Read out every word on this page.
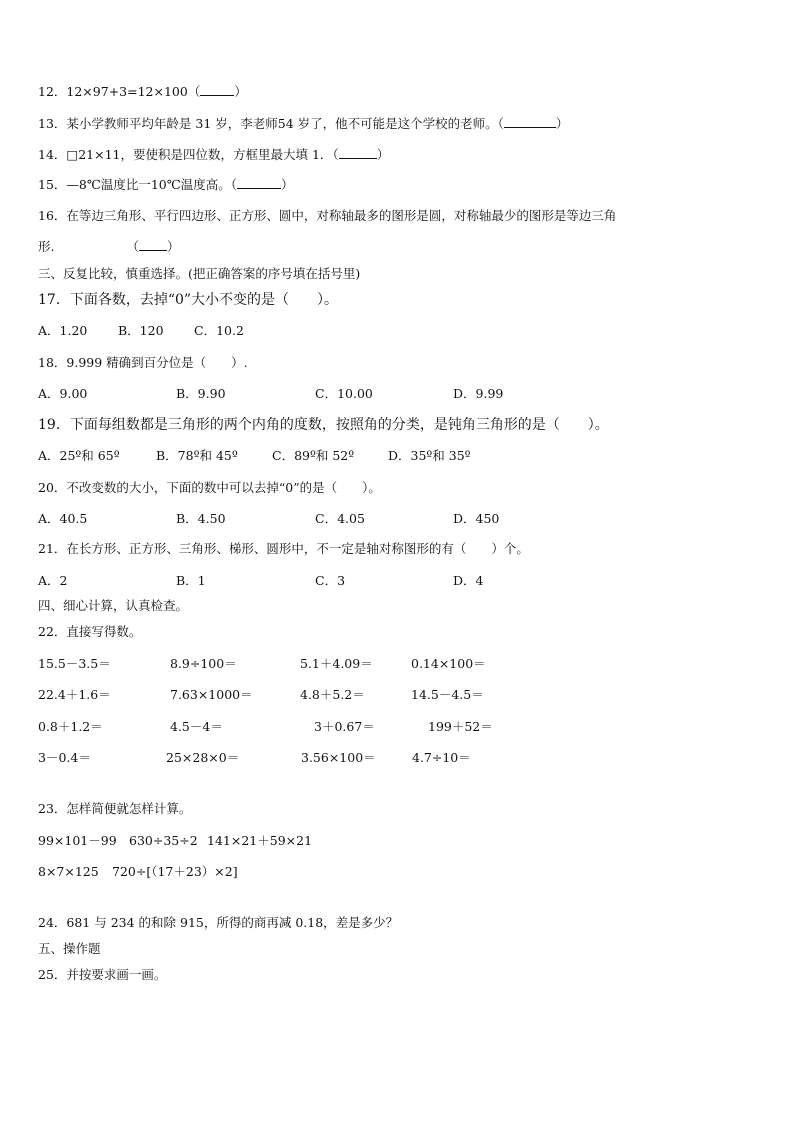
12．12×97+3=12×100（	）
13．某小学教师平均年龄是 31 岁，李老师54 岁了，他不可能是这个学校的老师。（	）
14．□21×11，要使积是四位数，方框里最大填 1．（	）
15．—8℃温度比一10℃温度高。（	）
16．在等边三角形、平行四边形、正方形、圆中，对称轴最多的图形是圆，对称轴最少的图形是等边三角
形.	（ ）
三、反复比较，慎重选择。(把正确答案的序号填在括号里)
17．下面各数，去掉“0”大小不变的是（　　）。
A．1.20 B．120 C．10.2
18．9.999 精确到百分位是（　　）.
A．9.00	B．9.90	C．10.00	D．9.99
19．下面每组数都是三角形的两个内角的度数，按照角的分类，是钝角三角形的是（　　）。
A．25º和 65º	B．78º和 45º	C．89º和 52º	D．35º和 35º
20．不改变数的大小，下面的数中可以去掉“0”的是（　　）。
A．40.5	B．4.50	C．4.05	D．450
21．在长方形、正方形、三角形、梯形、圆形中，不一定是轴对称图形的有（　　）个。
A．2	B．1	C．3	D．4
四、细心计算，认真检查。
22．直接写得数。
15.5－3.5＝	8.9÷100＝	5.1＋4.09＝	0.14×100＝
22.4＋1.6＝	7.63×1000＝	4.8＋5.2＝	14.5－4.5＝
0.8＋1.2＝	4.5－4＝	3＋0.67＝	199＋52＝
3－0.4＝	25×28×0＝	3.56×100＝	4.7÷10＝
23．怎样简便就怎样计算。
99×101－99 630÷35÷2 141×21＋59×21
8×7×125 720÷[（17＋23）×2]
24．681 与 234 的和除 915，所得的商再减 0.18，差是多少？
五、操作题
25．并按要求画一画。
